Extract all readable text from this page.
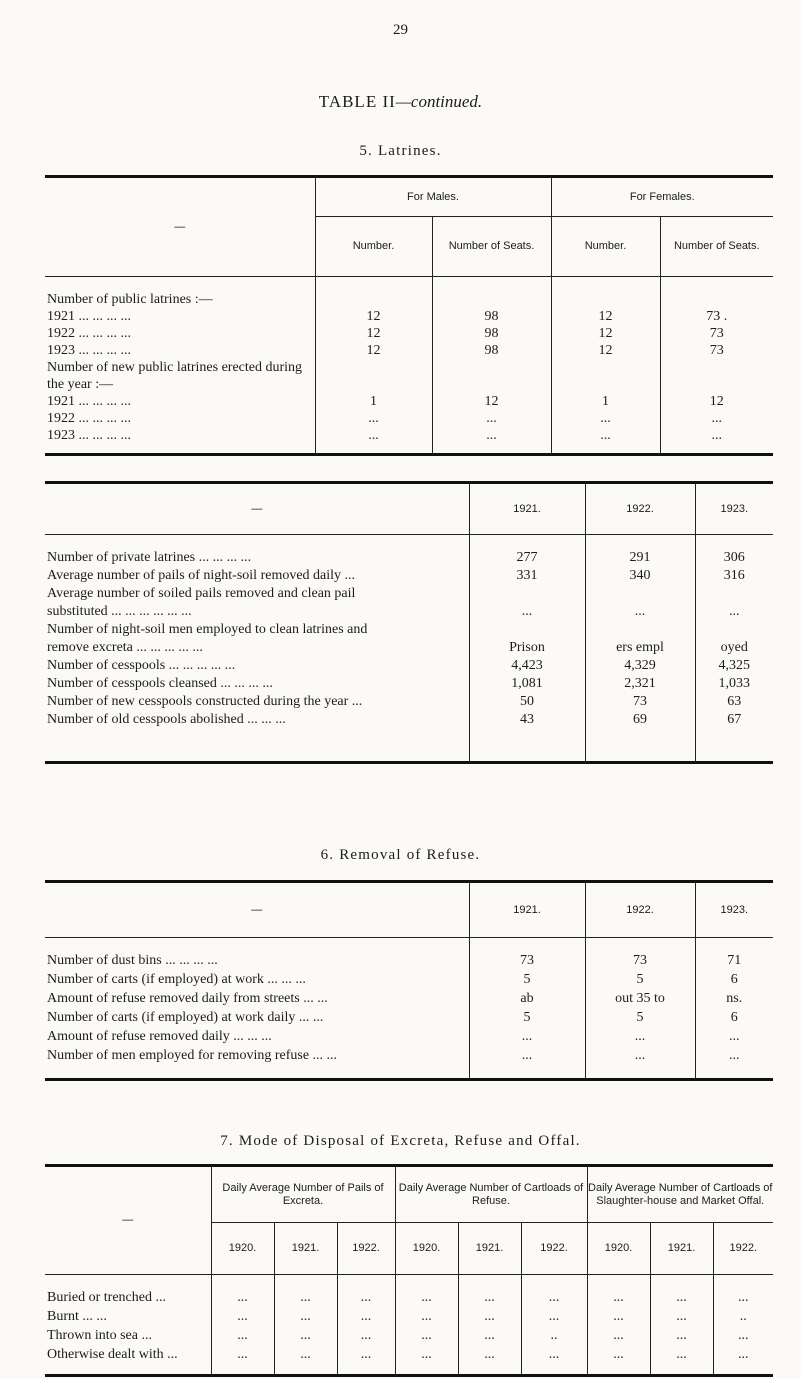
29
TABLE II—continued.
5. Latrines.
—	For Males.		For Females.	
	Number.	Number of Seats.	Number.	Number of Seats.
Number of public latrines :—				
1921 ... ... ... ...	12	98	12	73 .
1922 ... ... ... ...	12	98	12	73
1923 ... ... ... ...	12	98	12	73
Number of new public latrines erected during				
the year :—				
1921 ... ... ... ...	1	12	1	12
1922 ... ... ... ...	...	...	...	...
1923 ... ... ... ...	...	...	...	...
—	1921.	1922.	1923.
Number of private latrines ... ... ... ...	277	291	306
Average number of pails of night-soil removed daily ...	331	340	316
Average number of soiled pails removed and clean pail			
substituted ... ... ... ... ... ...	...	...	...
Number of night-soil men employed to clean latrines and			
remove excreta ... ... ... ... ...	Prison	ers empl	oyed
Number of cesspools ... ... ... ... ...	4,423	4,329	4,325
Number of cesspools cleansed ... ... ... ...	1,081	2,321	1,033
Number of new cesspools constructed during the year ...	50	73	63
Number of old cesspools abolished ... ... ...	43	69	67
6. Removal of Refuse.
—	1921.	1922.	1923.
Number of dust bins ... ... ... ...	73	73	71
Number of carts (if employed) at work ... ... ...	5	5	6
Amount of refuse removed daily from streets ... ...	ab	out 35 to	ns.
Number of carts (if employed) at work daily ... ...	5	5	6
Amount of refuse removed daily ... ... ...	...	...	...
Number of men employed for removing refuse ... ...	...	...	...
7. Mode of Disposal of Excreta, Refuse and Offal.
—	Daily Average Number of Pails of Excreta.			Daily Average Number of Cartloads of Refuse.			Daily Average Number of Cartloads of Slaughter-house and Market Offal.		
	1920.	1921.	1922.	1920.	1921.	1922.	1920.	1921.	1922.
Buried or trenched ...	...	...	...	...	...	...	...	...	...
Burnt ... ...	...	...	...	...	...	...	...	...	..
Thrown into sea ...	...	...	...	...	...	..	...	...	...
Otherwise dealt with ...	...	...	...	...	...	...	...	...	...
